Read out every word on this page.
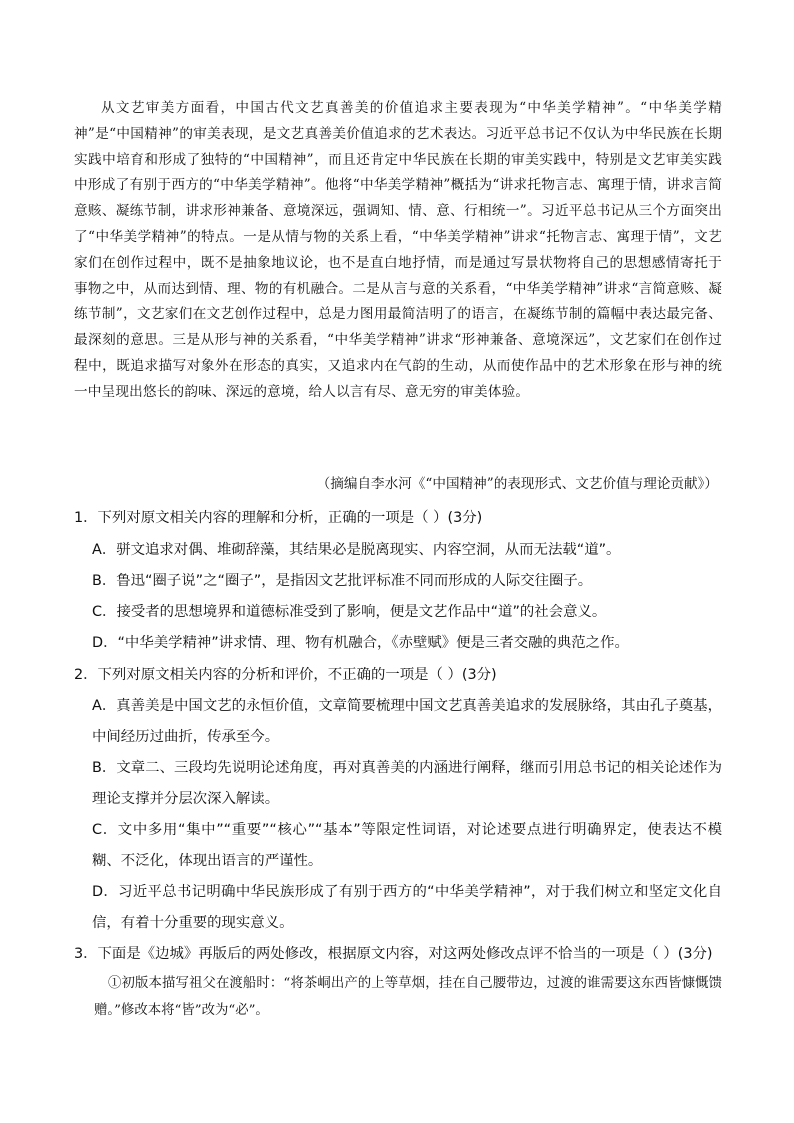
从文艺审美方面看，中国古代文艺真善美的价值追求主要表现为“中华美学精神”。“中华美学精神”是“中国精神”的审美表现，是文艺真善美价值追求的艺术表达。习近平总书记不仅认为中华民族在长期实践中培育和形成了独特的“中国精神”，而且还肯定中华民族在长期的审美实践中，特别是文艺审美实践中形成了有别于西方的“中华美学精神”。他将“中华美学精神”概括为“讲求托物言志、寓理于情，讲求言简意赅、凝练节制，讲求形神兼备、意境深远，强调知、情、意、行相统一”。习近平总书记从三个方面突出了“中华美学精神”的特点。一是从情与物的关系上看，“中华美学精神”讲求“托物言志、寓理于情”，文艺家们在创作过程中，既不是抽象地议论，也不是直白地抒情，而是通过写景状物将自己的思想感情寄托于事物之中，从而达到情、理、物的有机融合。二是从言与意的关系看，“中华美学精神”讲求“言简意赅、凝练节制”，文艺家们在文艺创作过程中，总是力图用最简洁明了的语言，在凝练节制的篇幅中表达最完备、最深刻的意思。三是从形与神的关系看，“中华美学精神”讲求“形神兼备、意境深远”，文艺家们在创作过程中，既追求描写对象外在形态的真实，又追求内在气韵的生动，从而使作品中的艺术形象在形与神的统一中呈现出悠长的韵味、深远的意境，给人以言有尽、意无穷的审美体验。
（摘编自李水河《“中国精神”的表现形式、文艺价值与理论贡献》）
1．下列对原文相关内容的理解和分析，正确的一项是（ ）(3分)
A．骈文追求对偶、堆砌辞藻，其结果必是脱离现实、内容空洞，从而无法载“道”。
B．鲁迅“圈子说”之“圈子”，是指因文艺批评标准不同而形成的人际交往圈子。
C．接受者的思想境界和道德标准受到了影响，便是文艺作品中“道”的社会意义。
D．“中华美学精神”讲求情、理、物有机融合，《赤壁赋》便是三者交融的典范之作。
2．下列对原文相关内容的分析和评价，不正确的一项是（ ）(3分)
A．真善美是中国文艺的永恒价值，文章简要梳理中国文艺真善美追求的发展脉络，其由孔子奠基，中间经历过曲折，传承至今。
B．文章二、三段均先说明论述角度，再对真善美的内涵进行阐释，继而引用总书记的相关论述作为理论支撑并分层次深入解读。
C．文中多用“集中”“重要”“核心”“基本”等限定性词语，对论述要点进行明确界定，使表达不模糊、不泛化，体现出语言的严谨性。
D．习近平总书记明确中华民族形成了有别于西方的“中华美学精神”，对于我们树立和坚定文化自信，有着十分重要的现实意义。
3．下面是《边城》再版后的两处修改，根据原文内容，对这两处修改点评不恰当的一项是（ ）(3分)
①初版本描写祖父在渡船时：“将茶峒出产的上等草烟，挂在自己腰带边，过渡的谁需要这东西皆慷慨馈赠。”修改本将“皆”改为“必”。
